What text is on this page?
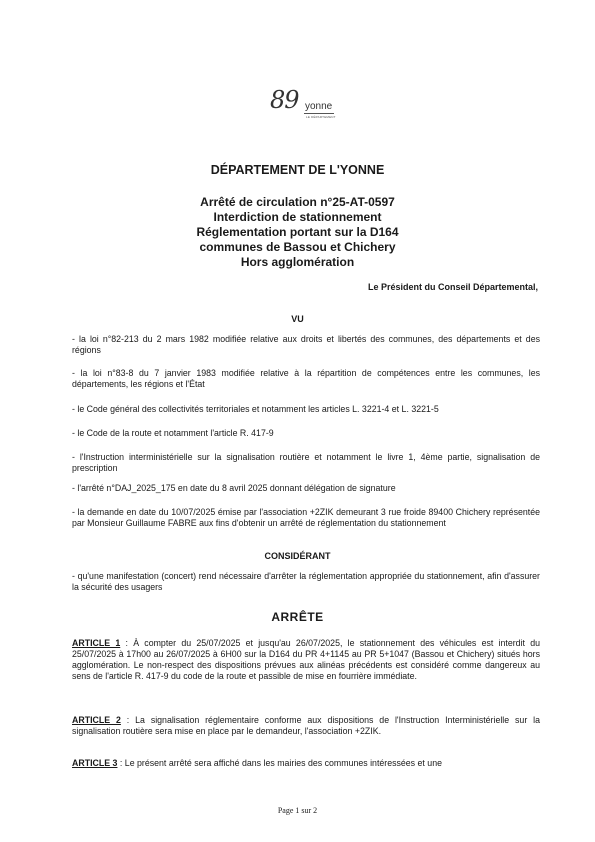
89 yonne
LE DÉPARTEMENT
DÉPARTEMENT DE L'YONNE
Arrêté de circulation n°25-AT-0597
Interdiction de stationnement
Réglementation portant sur la D164
communes de Bassou et Chichery
Hors agglomération
Le Président du Conseil Départemental,
VU
- la loi n°82-213 du 2 mars 1982 modifiée relative aux droits et libertés des communes, des départements et des régions
- la loi n°83-8 du 7 janvier 1983 modifiée relative à la répartition de compétences entre les communes, les départements, les régions et l'État
- le Code général des collectivités territoriales et notamment les articles L. 3221-4 et L. 3221-5
- le Code de la route et notamment l'article R. 417-9
- l'Instruction interministérielle sur la signalisation routière et notamment le livre 1, 4ème partie, signalisation de prescription
- l'arrêté n°DAJ_2025_175 en date du 8 avril 2025 donnant délégation de signature
- la demande en date du 10/07/2025 émise par l'association +2ZIK demeurant 3 rue froide 89400 Chichery représentée par Monsieur Guillaume FABRE aux fins d'obtenir un arrêté de réglementation du stationnement
CONSIDÉRANT
- qu'une manifestation (concert) rend nécessaire d'arrêter la réglementation appropriée du stationnement, afin d'assurer la sécurité des usagers
ARRÊTE
ARTICLE 1 : À compter du 25/07/2025 et jusqu'au 26/07/2025, le stationnement des véhicules est interdit du 25/07/2025 à 17h00 au 26/07/2025 à 6H00 sur la D164 du PR 4+1145 au PR 5+1047 (Bassou et Chichery) situés hors agglomération. Le non-respect des dispositions prévues aux alinéas précédents est considéré comme dangereux au sens de l'article R. 417-9 du code de la route et passible de mise en fourrière immédiate.
ARTICLE 2 : La signalisation réglementaire conforme aux dispositions de l'Instruction Interministérielle sur la signalisation routière sera mise en place par le demandeur, l'association +2ZIK.
ARTICLE 3 : Le présent arrêté sera affiché dans les mairies des communes intéressées et une
Page 1 sur 2
